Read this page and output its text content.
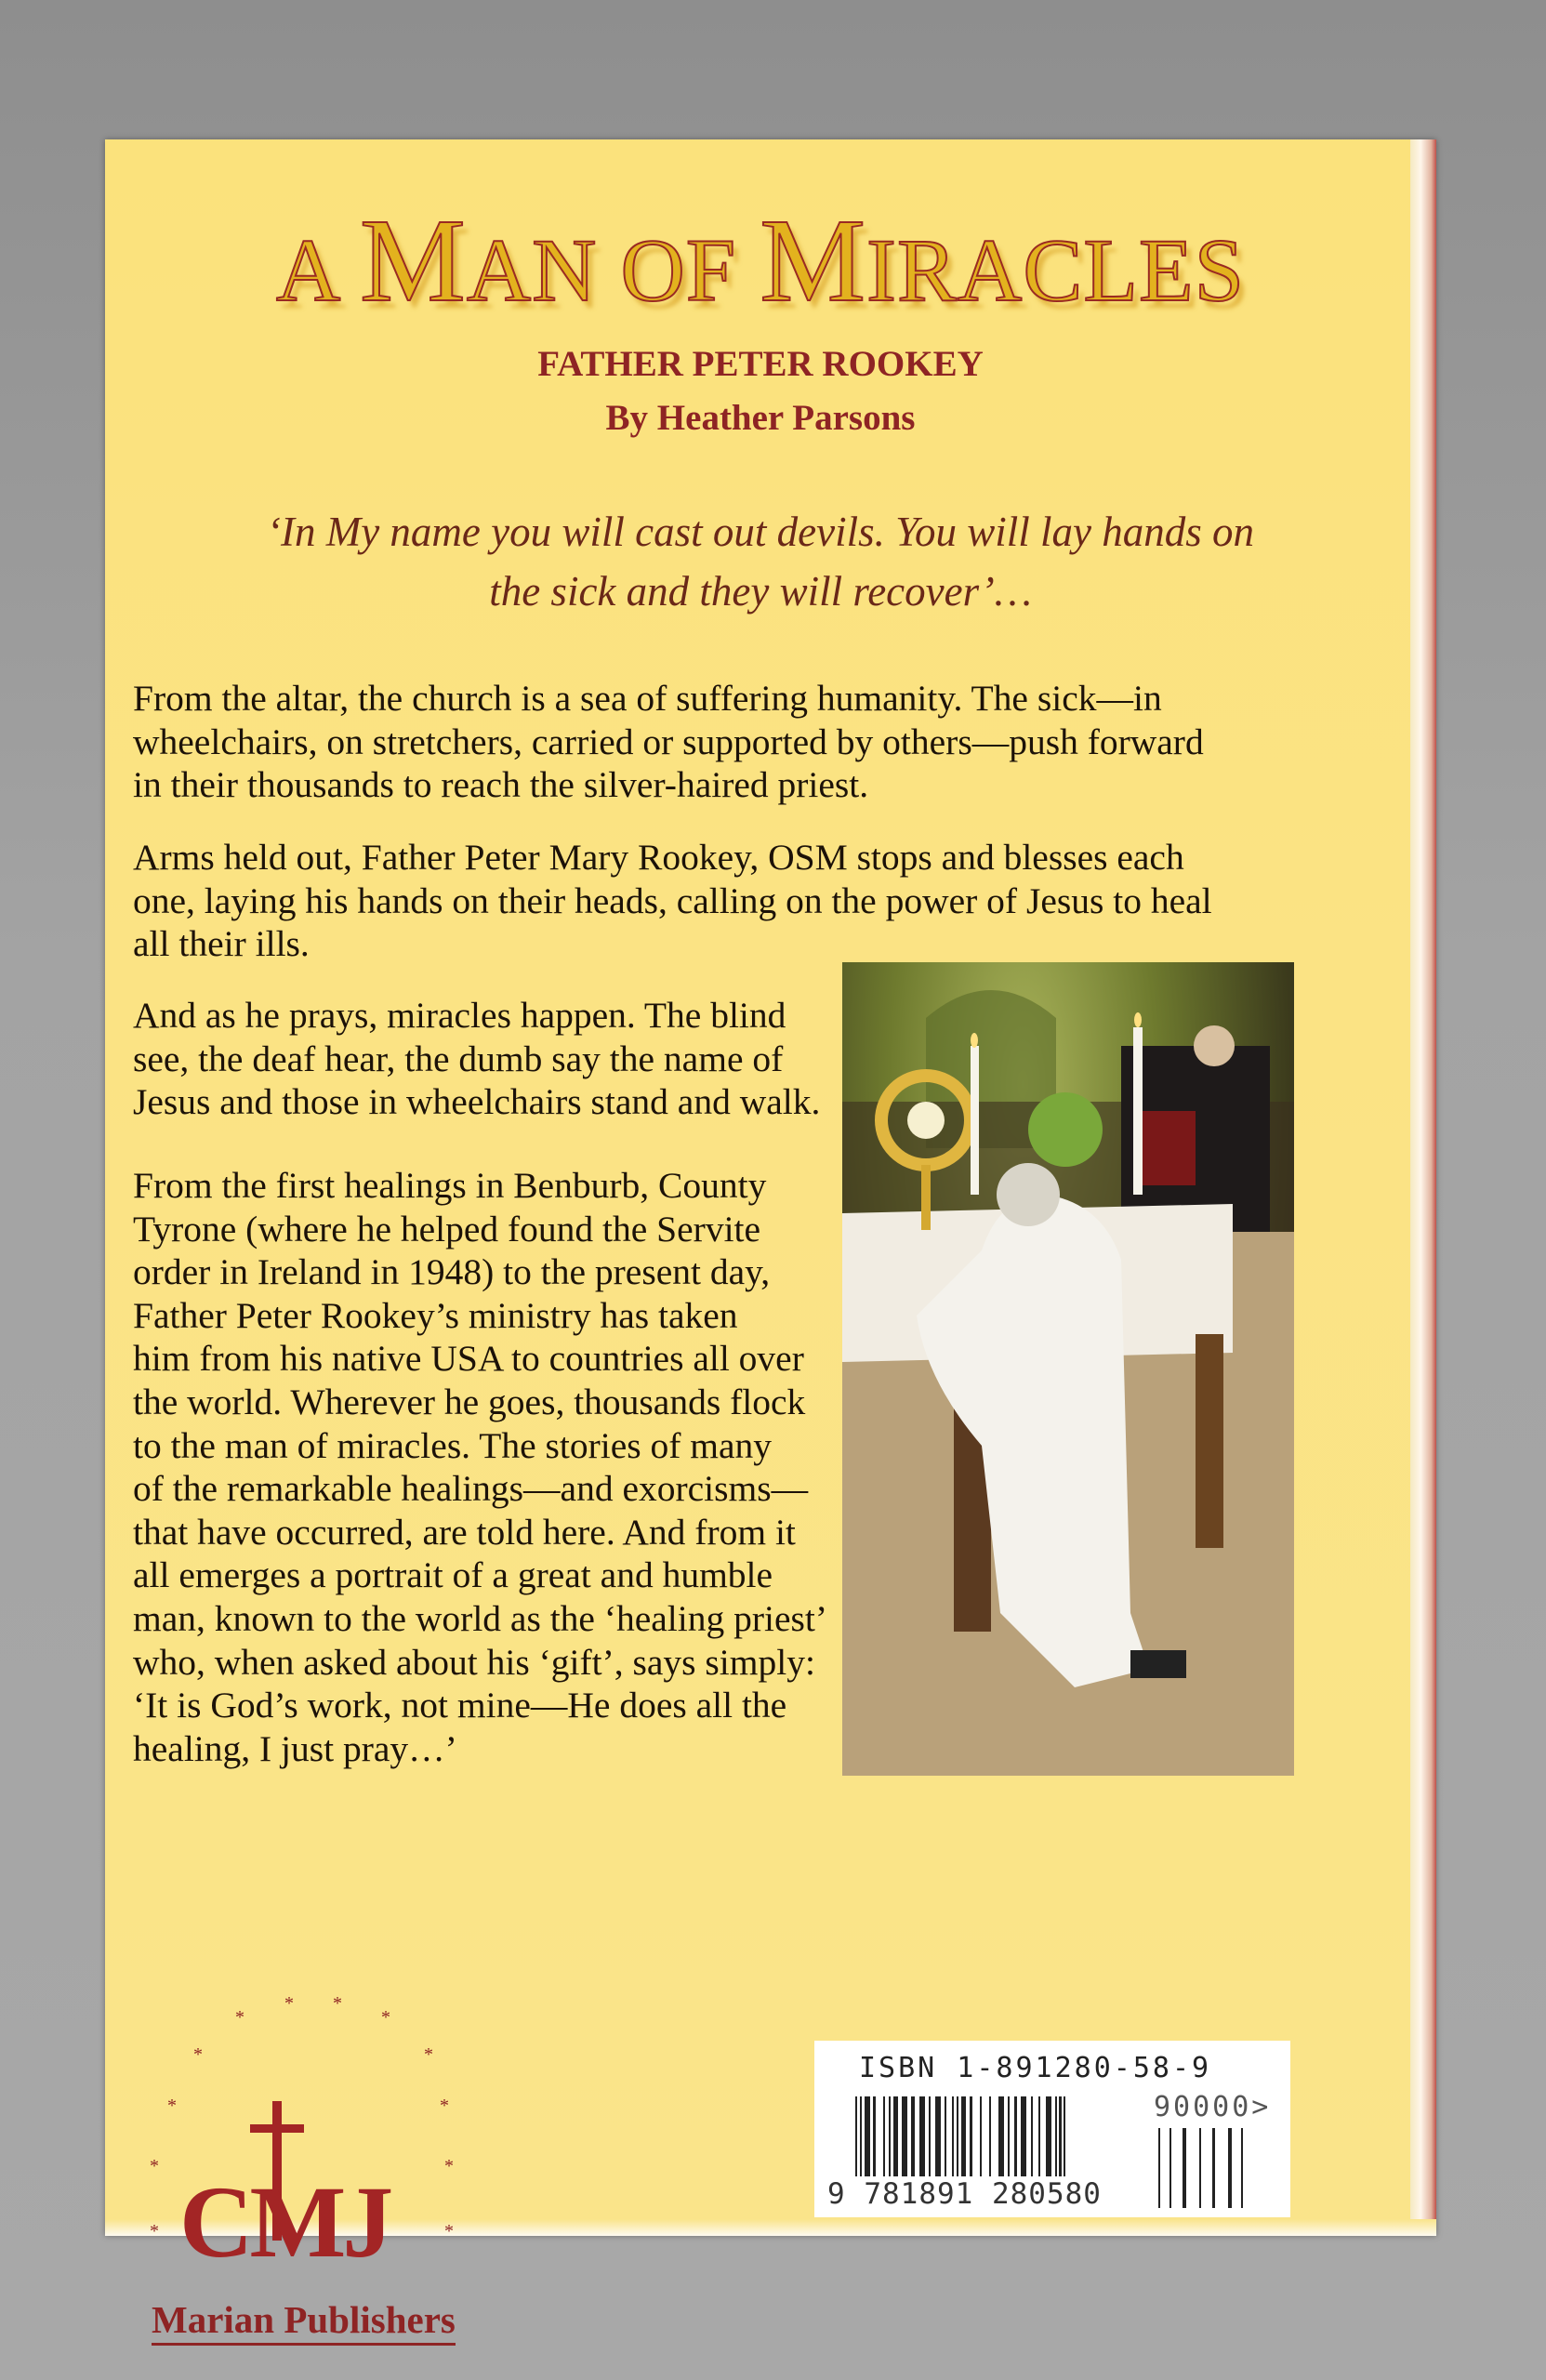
A MAN OF MIRACLES
FATHER PETER ROOKEY
By Heather Parsons
‘In My name you will cast out devils. You will lay hands on
the sick and they will recover’…
From the altar, the church is a sea of suffering humanity. The sick—in
wheelchairs, on stretchers, carried or supported by others—push forward
in their thousands to reach the silver-haired priest.
Arms held out, Father Peter Mary Rookey, OSM stops and blesses each
one, laying his hands on their heads, calling on the power of Jesus to heal
all their ills.
And as he prays, miracles happen. The blind
see, the deaf hear, the dumb say the name of
Jesus and those in wheelchairs stand and walk.
From the first healings in Benburb, County
Tyrone (where he helped found the Servite
order in Ireland in 1948) to the present day,
Father Peter Rookey’s ministry has taken
him from his native USA to countries all over
the world. Wherever he goes, thousands flock
to the man of miracles. The stories of many
of the remarkable healings—and exorcisms—
that have occurred, are told here. And from it
all emerges a portrait of a great and humble
man, known to the world as the ‘healing priest’
who, when asked about his ‘gift’, says simply:
‘It is God’s work, not mine—He does all the
healing, I just pray…’
*
* *
*
*	*
*	*
*	*
*	*
CMJ
Marian Publishers
ISBN 1-891280-58-9
90000>
9 781891 280580
